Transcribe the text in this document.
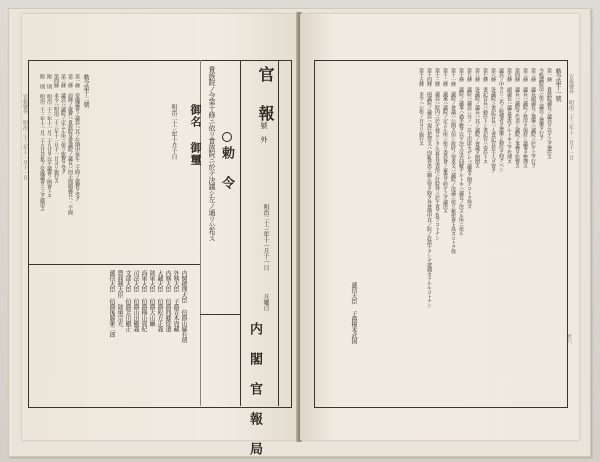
官 報
號 外
明治二十三年十一月十一日
月曜日
内 閣 官 報 局
勅 令
貴族院ノ令第十條ニ依リ貴族院ニ於テ決議シ左ノ通リ公布ス
御名 御璽
明治二十三年十月十日
内閣總理大臣 伯爵山縣有朋
外務大臣 子爵青木周藏
内務大臣 伯爵西郷從道
大藏大臣 伯爵松方正義
陸軍大臣 伯爵大山巖
海軍大臣 伯爵樺山資紀
司法大臣 伯爵山田顯義
文部大臣 伯爵芳川顯正
農商務大臣 陸奥宗光
遞信大臣 伯爵後藤象二郎
勅令第十二號
第一條 帝國議會ノ議員ハ其ノ任期中毎年二千圓ノ歳費ヲ受ク
第二條 前條ノ歳費ハ貴族院及衆議院ノ議長ハ四千圓副議長ハ二千圓
第三條 議員ハ議院ノ定ムル所ニ依リ旅費ヲ受ク
第四條 本令ハ明治二十三年十一月十一日ヨリ施行ス
附 則 明治二十三年十一月二十九日ヲ以テ議會ノ開會トス
附 則 明治二十三年十一月二十五日召集ノ帝國議會ニ之ヲ適用ス
官報號外 明治二十三年十一月十一日	官報號外 明治二十三年十一月十一日
頁六
勅令第十一號
第一條 貴族院議長ノ議員ヲ以テ之ヲ選任ス
今般議院法ニ依リ議員ノ選擧ヲ行フ
第三條 議長副議長ノ選擧ハ議院ニ於テ之ヲ行フ
第三條 議長ハ議院ノ秩序ヲ保持シ議事ヲ整理ス
第四條 議長ハ議院ヲ代表シ議院ノ事務ヲ監督ス
第五條 副議長ハ議長事故アルトキ之ヲ代理ス
議員ノ中ヨリ三名ノ候補者ヲ選擧シ勅任ヲ仰グベシ
第六條 各議院ニ書記官長一人書記官若干人ヲ置ク
第七條 書記官長ハ勅任トシ書記官ハ奏任トス
第八條 各議院ノ議長ハ其ノ議院ノ會議ヲ開閉ス
第九條 議院ハ議員三分ノ一以上出席セザレバ議事ヲ開クコトヲ得ズ
第十條 議院ノ議事ハ過半數ヲ以テ決ス可否同數ナルトキハ議長ノ決スル所ニ依ル
第十一條 議院ノ會議ハ公開ス但シ政府ノ要求又ハ議院ノ決議ニ依リ秘密會ト爲スコトヲ得
第十二條 議案ハ議院ノ定ムル所ニ依リ委員會ノ審査ヲ經テ之ヲ議決ス
第十三條 議員ハ院内ニ於テ發言シタル意見及表決ニ付院外ニ於テ責ヲ負フコトナシ
第十四條 兩議院ノ議員ハ現行犯罪又ハ内亂外患ニ關ル罪ヲ除ク外會期中其ノ院ノ許諾ナクシテ逮捕セラルルコトナシ
第十五條 本令ハ公布ノ日ヨリ施行ス
遞信大臣 子爵榎本武揚
